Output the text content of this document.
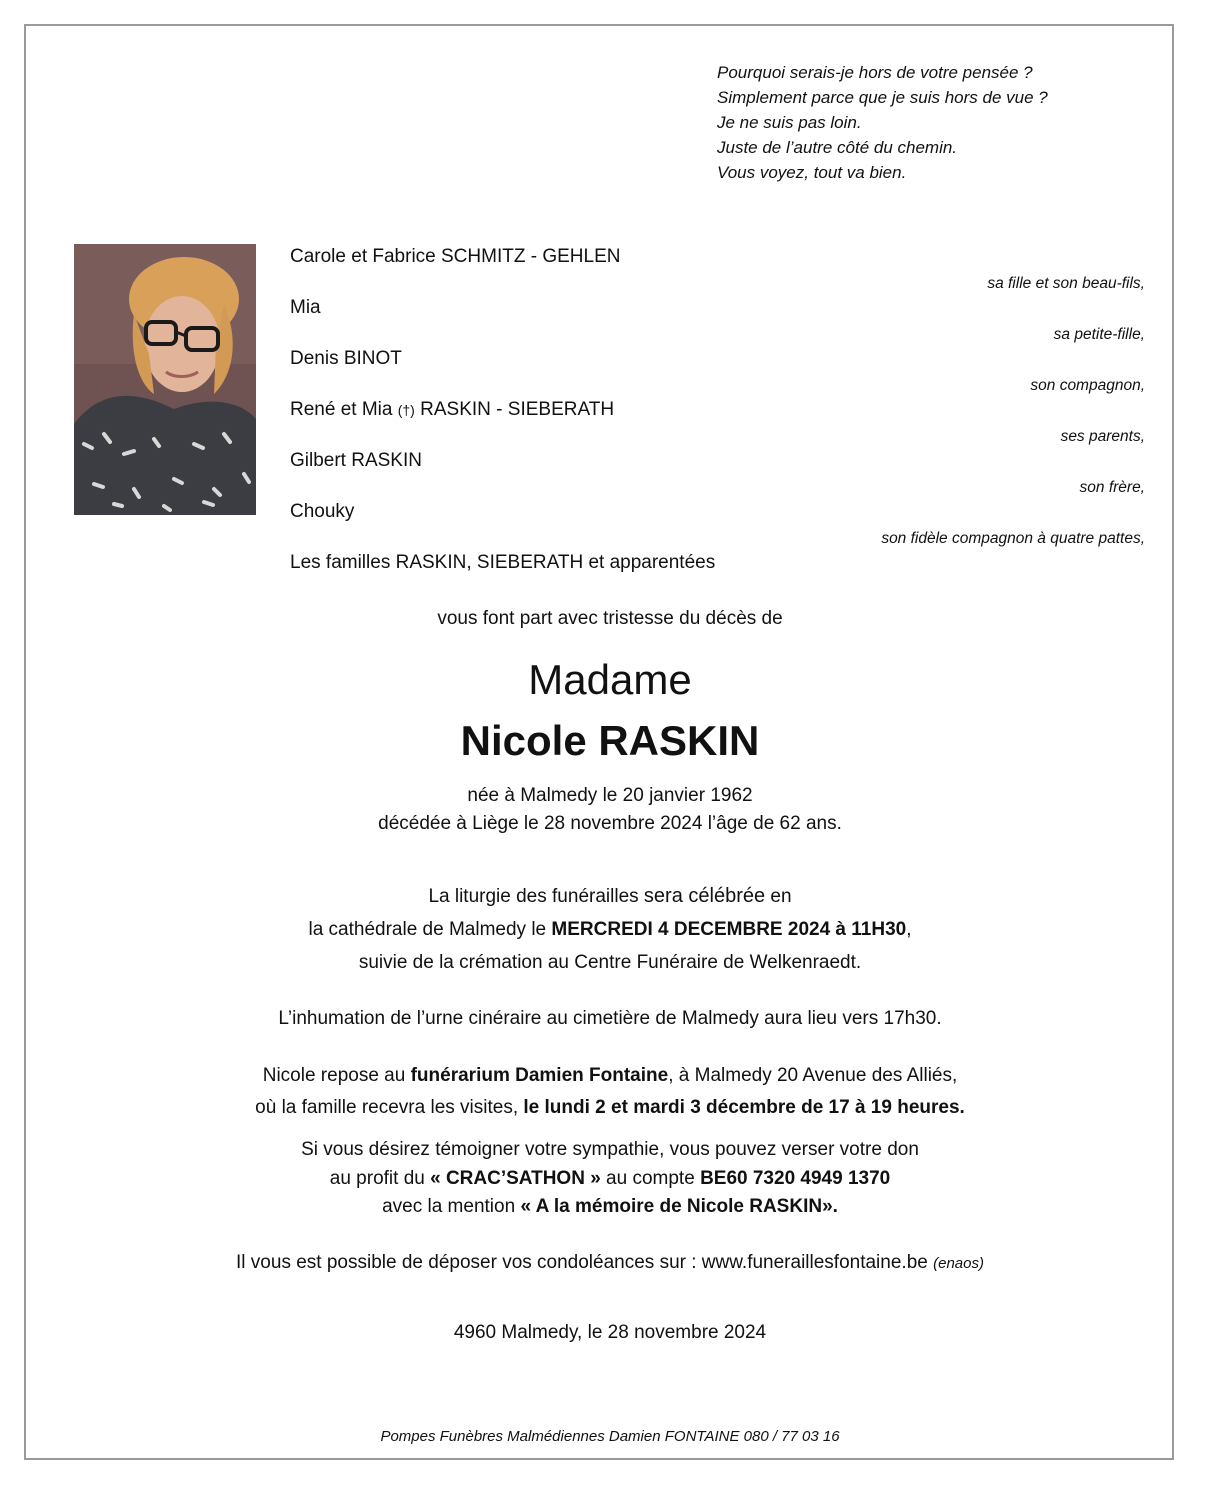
Pourquoi serais-je hors de votre pensée ?
Simplement parce que je suis hors de vue ?
Je ne suis pas loin.
Juste de l’autre côté du chemin.
Vous voyez, tout va bien.
Carole et Fabrice SCHMITZ - GEHLEN
sa fille et son beau-fils,
Mia
sa petite-fille,
Denis BINOT
son compagnon,
René et Mia (†) RASKIN - SIEBERATH
ses parents,
Gilbert RASKIN
son frère,
Chouky
son fidèle compagnon à quatre pattes,
Les familles RASKIN, SIEBERATH et apparentées
vous font part avec tristesse du décès de
Madame
Nicole RASKIN
née à Malmedy le 20 janvier 1962
décédée à Liège le 28 novembre 2024 l’âge de 62 ans.
La liturgie des funérailles sera célébrée en
la cathédrale de Malmedy le MERCREDI 4 DECEMBRE 2024 à 11H30,
suivie de la crémation au Centre Funéraire de Welkenraedt.
L’inhumation de l’urne cinéraire au cimetière de Malmedy aura lieu vers 17h30.
Nicole repose au funérarium Damien Fontaine, à Malmedy 20 Avenue des Alliés,
où la famille recevra les visites, le lundi 2 et mardi 3 décembre de 17 à 19 heures.
Si vous désirez témoigner votre sympathie, vous pouvez verser votre don
au profit du « CRAC’SATHON » au compte BE60 7320 4949 1370
avec la mention « A la mémoire de Nicole RASKIN».
Il vous est possible de déposer vos condoléances sur : www.funeraillesfontaine.be (enaos)
4960 Malmedy, le 28 novembre 2024
Pompes Funèbres Malmédiennes Damien FONTAINE 080 / 77 03 16
